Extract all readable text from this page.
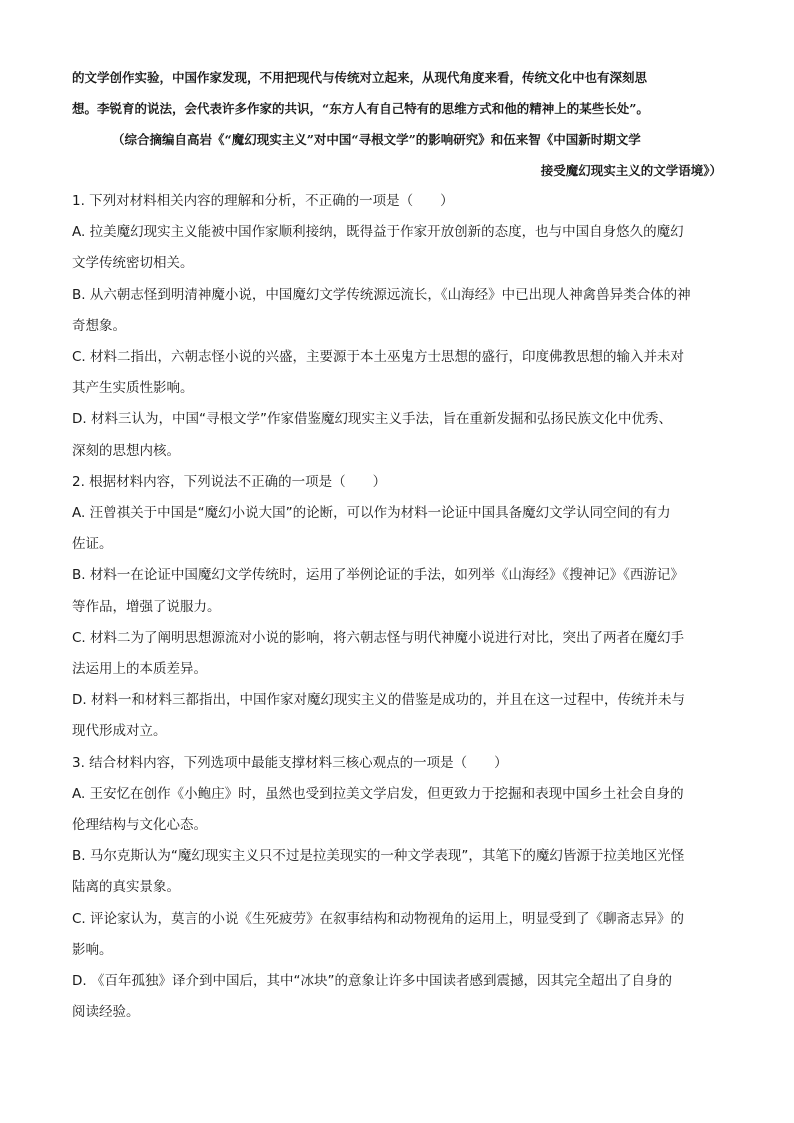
的文学创作实验，中国作家发现，不用把现代与传统对立起来，从现代角度来看，传统文化中也有深刻思
想。李锐育的说法，会代表许多作家的共识，“东方人有自己特有的思维方式和他的精神上的某些长处”。

（综合摘编自高岩《“魔幻现实主义”对中国“寻根文学”的影响研究》和伍来智《中国新时期文学
接受魔幻现实主义的文学语境》）

1. 下列对材料相关内容的理解和分析，不正确的一项是（　　）
A. 拉美魔幻现实主义能被中国作家顺利接纳，既得益于作家开放创新的态度，也与中国自身悠久的魔幻
文学传统密切相关。
B. 从六朝志怪到明清神魔小说，中国魔幻文学传统源远流长，《山海经》中已出现人神禽兽异类合体的神
奇想象。
C. 材料二指出，六朝志怪小说的兴盛，主要源于本土巫鬼方士思想的盛行，印度佛教思想的输入并未对
其产生实质性影响。
D. 材料三认为，中国“寻根文学”作家借鉴魔幻现实主义手法，旨在重新发掘和弘扬民族文化中优秀、
深刻的思想内核。
2. 根据材料内容，下列说法不正确的一项是（　　）
A. 汪曾祺关于中国是“魔幻小说大国”的论断，可以作为材料一论证中国具备魔幻文学认同空间的有力
佐证。
B. 材料一在论证中国魔幻文学传统时，运用了举例论证的手法，如列举《山海经》《搜神记》《西游记》
等作品，增强了说服力。
C. 材料二为了阐明思想源流对小说的影响，将六朝志怪与明代神魔小说进行对比，突出了两者在魔幻手
法运用上的本质差异。
D. 材料一和材料三都指出，中国作家对魔幻现实主义的借鉴是成功的，并且在这一过程中，传统并未与
现代形成对立。
3. 结合材料内容，下列选项中最能支撑材料三核心观点的一项是（　　）
A. 王安忆在创作《小鲍庄》时，虽然也受到拉美文学启发，但更致力于挖掘和表现中国乡土社会自身的
伦理结构与文化心态。
B. 马尔克斯认为“魔幻现实主义只不过是拉美现实的一种文学表现”，其笔下的魔幻皆源于拉美地区光怪
陆离的真实景象。
C. 评论家认为，莫言的小说《生死疲劳》在叙事结构和动物视角的运用上，明显受到了《聊斋志异》的
影响。
D. 《百年孤独》译介到中国后，其中“冰块”的意象让许多中国读者感到震撼，因其完全超出了自身的
阅读经验。
